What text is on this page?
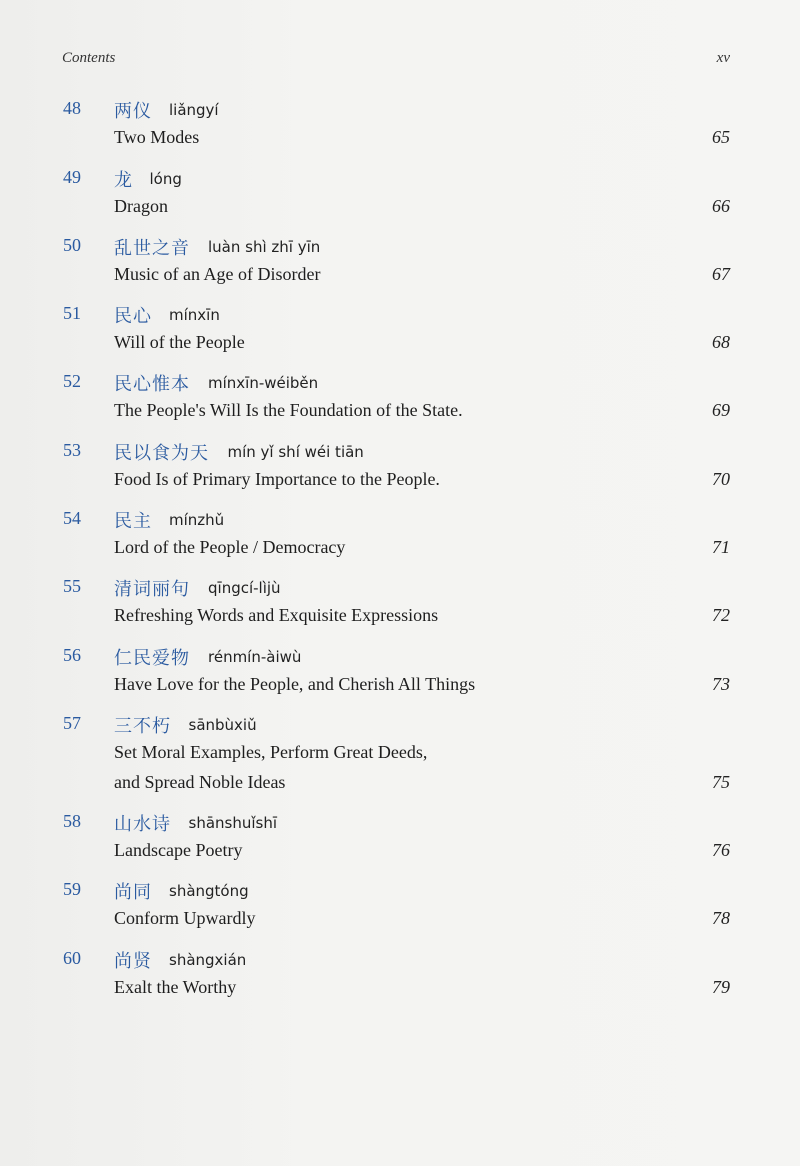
Contents	xv
48 两仪 liǎngyí
Two Modes	65
49 龙 lóng
Dragon	66
50 乱世之音 luàn shì zhī yīn
Music of an Age of Disorder	67
51 民心 mínxīn
Will of the People	68
52 民心惟本 mínxīn-wéiběn
The People's Will Is the Foundation of the State.	69
53 民以食为天 mín yǐ shí wéi tiān
Food Is of Primary Importance to the People.	70
54 民主 mínzhǔ
Lord of the People / Democracy	71
55 清词丽句 qīngcí-lìjù
Refreshing Words and Exquisite Expressions	72
56 仁民爱物 rénmín-àiwù
Have Love for the People, and Cherish All Things	73
57 三不朽 sānbùxiǔ
Set Moral Examples, Perform Great Deeds,
and Spread Noble Ideas	75
58 山水诗 shānshuǐshī
Landscape Poetry	76
59 尚同 shàngtóng
Conform Upwardly	78
60 尚贤 shàngxián
Exalt the Worthy	79
